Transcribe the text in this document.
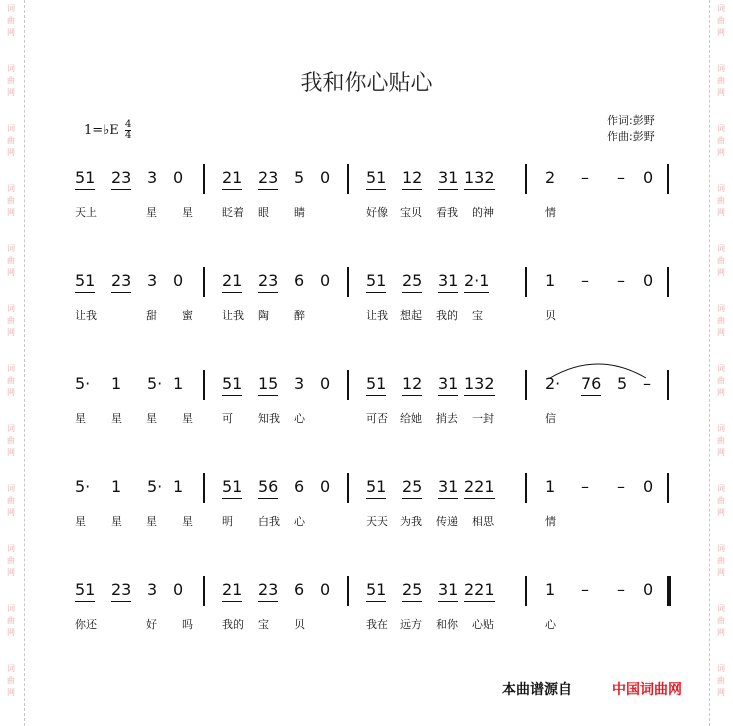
词
曲
网
词
曲
网
词
曲
网
词
曲
网
词
曲
网
词
曲
网
词
曲
网
词
曲
网
词
曲
网
词
曲
网
词
曲
网
词
曲
网
词
曲
网
词
曲
网
词
曲
网
词
曲
网
词
曲
网
词
曲
网
词
曲
网
词
曲
网
词
曲
网
词
曲
网
词
曲
网
词
曲
网
我和你心贴心
1=♭E $\frac{4}{4}$	作词:彭野
作曲:彭野
51 23 3 0 21 23 5 0 51 12 31 132	2 – – 0
天上	星 星	眨着 眼 睛	好像 宝贝 看我 的神	情
51 23 3 0 21 23 6 0 51 25 31 2·1	1 – – 0
让我	甜 蜜	让我 陶 醉	让我 想起 我的 宝	贝
5· 1 5· 1 51 15 3 0 51 12 31 132	2· 76 5 –
星 星 星 星	可 知我 心	可否 给她 捎去 一封	信
5· 1 5· 1 51 56 6 0 51 25 31 221	1 – – 0
星 星 星 星	明 白我 心	天天 为我 传递 相思	情
51 23 3 0 21 23 6 0 51 25 31 221	1 – – 0
你还	好 吗	我的 宝 贝	我在 远方 和你 心贴	心
本曲谱源自	中国词曲网
